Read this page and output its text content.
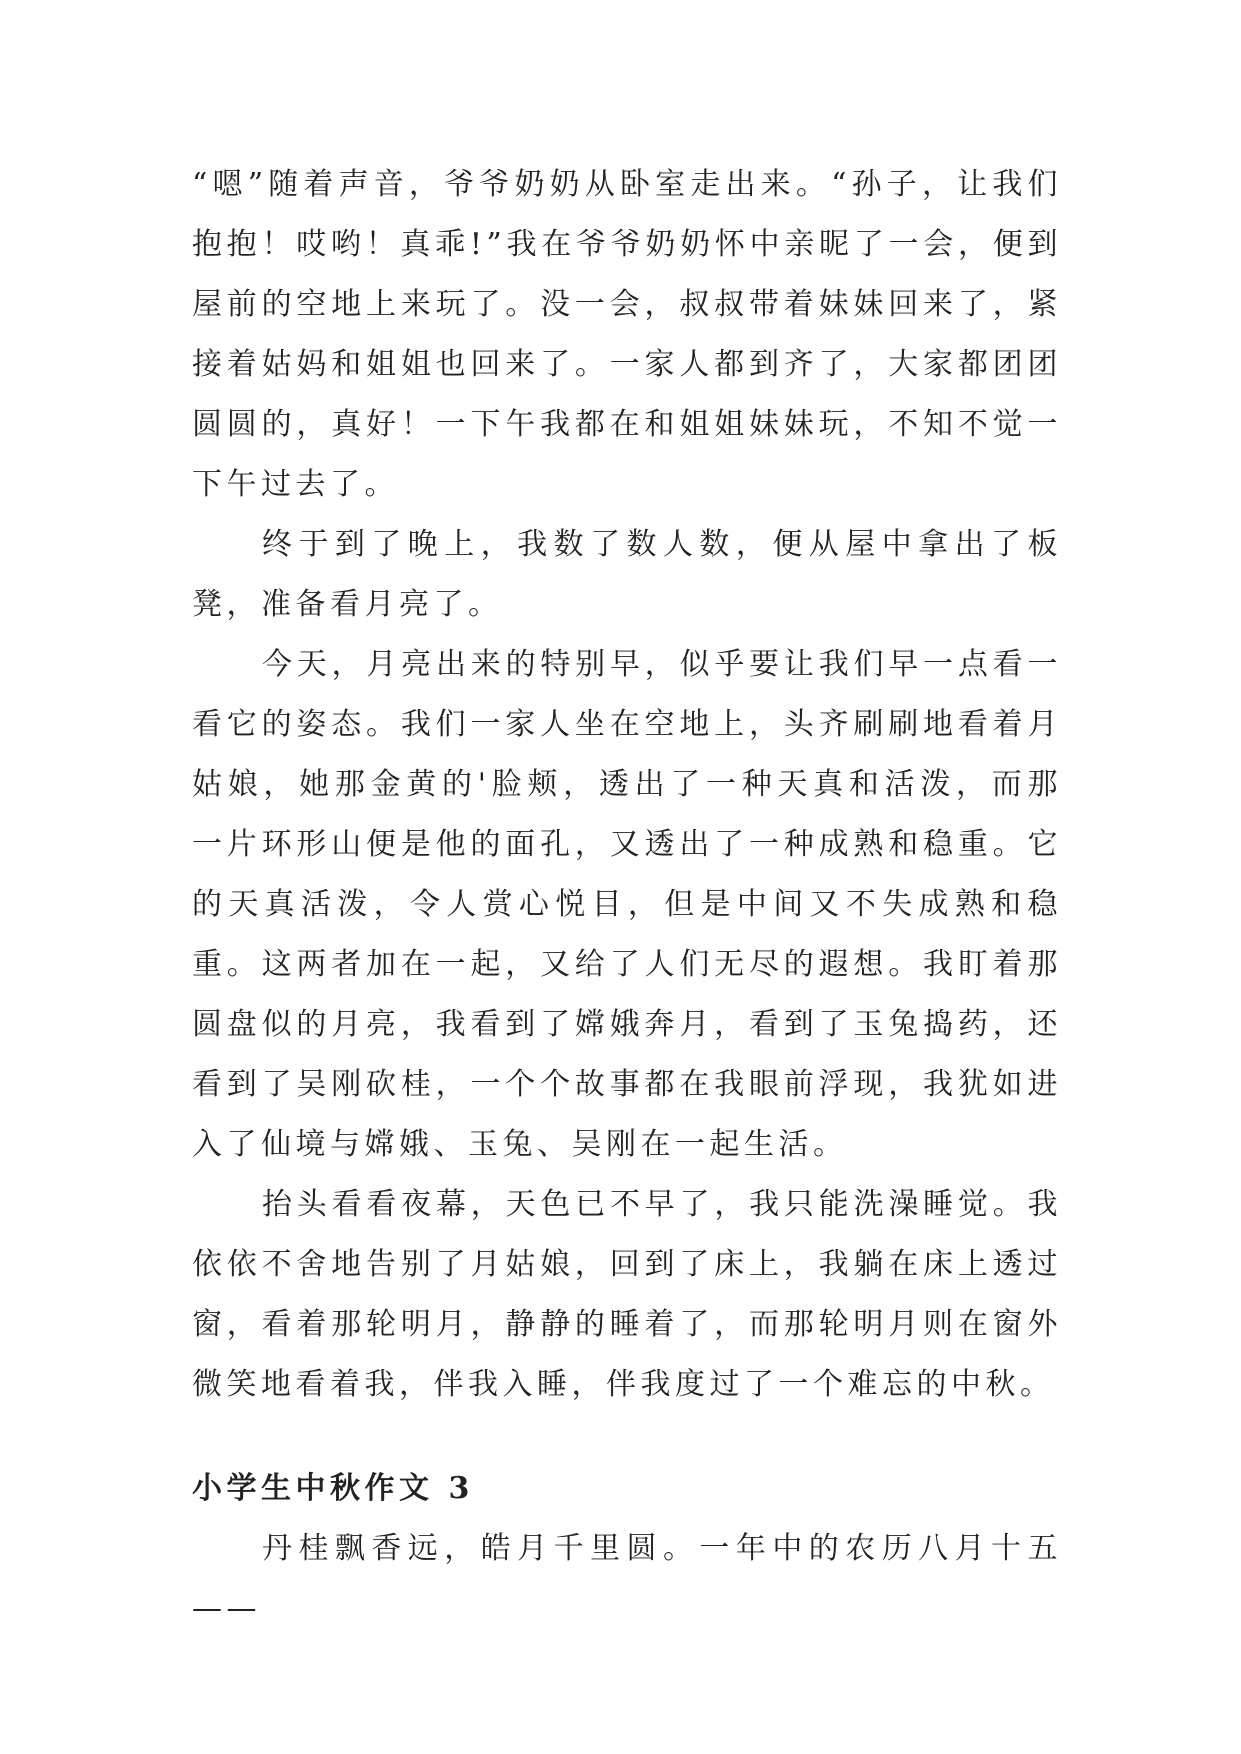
“嗯”随着声音，爷爷奶奶从卧室走出来。“孙子，让我们抱抱！哎哟！真乖!”我在爷爷奶奶怀中亲昵了一会，便到屋前的空地上来玩了。没一会，叔叔带着妹妹回来了，紧接着姑妈和姐姐也回来了。一家人都到齐了，大家都团团圆圆的，真好！一下午我都在和姐姐妹妹玩，不知不觉一下午过去了。

终于到了晚上，我数了数人数，便从屋中拿出了板凳，准备看月亮了。

今天，月亮出来的特别早，似乎要让我们早一点看一看它的姿态。我们一家人坐在空地上，头齐刷刷地看着月姑娘，她那金黄的'脸颊，透出了一种天真和活泼，而那一片环形山便是他的面孔，又透出了一种成熟和稳重。它的天真活泼，令人赏心悦目，但是中间又不失成熟和稳重。这两者加在一起，又给了人们无尽的遐想。我盯着那圆盘似的月亮，我看到了嫦娥奔月，看到了玉兔捣药，还看到了吴刚砍桂，一个个故事都在我眼前浮现，我犹如进入了仙境与嫦娥、玉兔、吴刚在一起生活。

抬头看看夜幕，天色已不早了，我只能洗澡睡觉。我依依不舍地告别了月姑娘，回到了床上，我躺在床上透过窗，看着那轮明月，静静的睡着了，而那轮明月则在窗外微笑地看着我，伴我入睡，伴我度过了一个难忘的中秋。

小学生中秋作文 3

丹桂飘香远，皓月千里圆。一年中的农历八月十五——
